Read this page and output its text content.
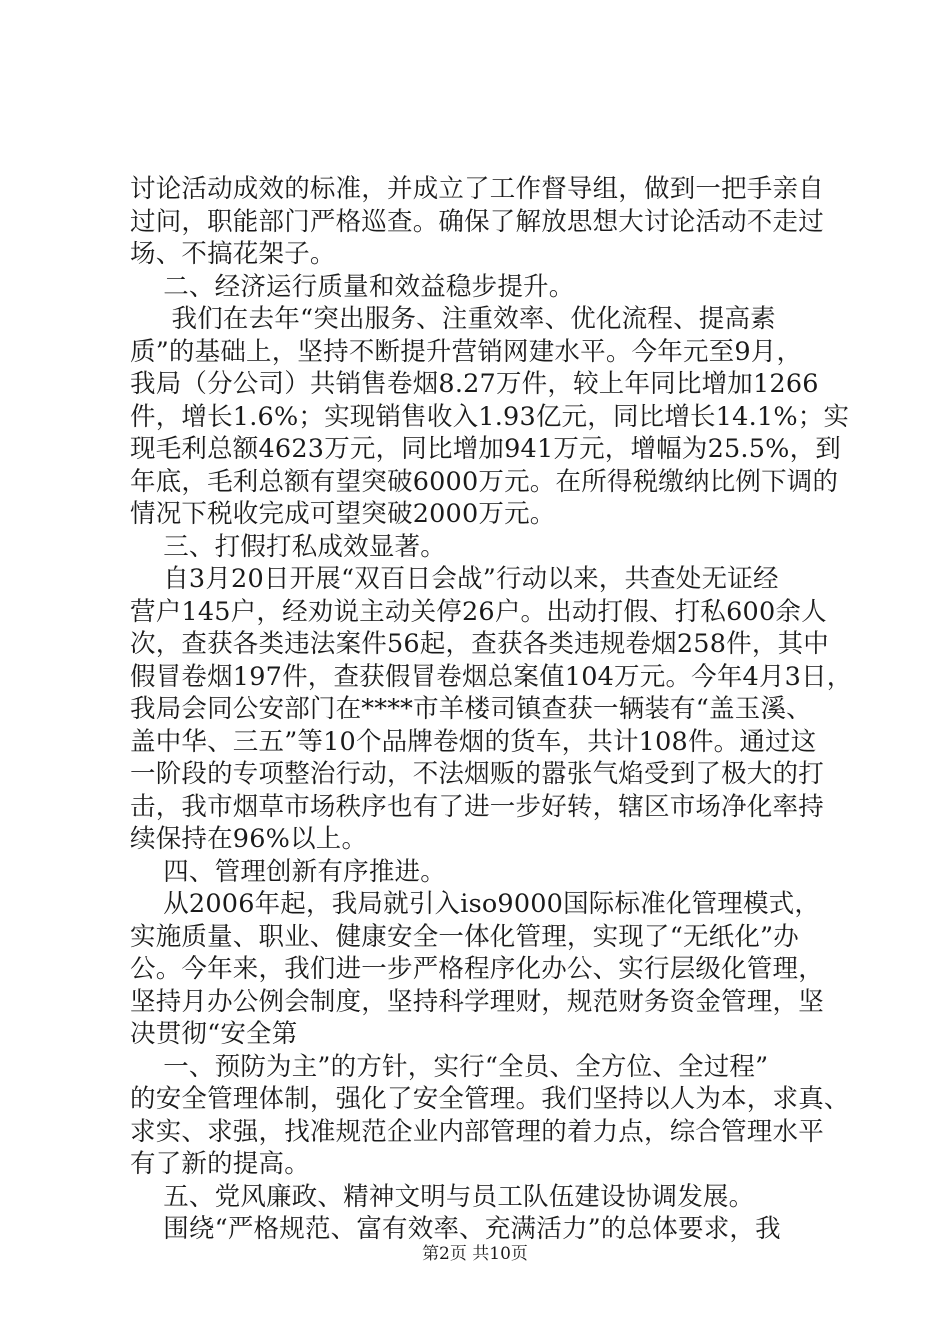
讨论活动成效的标准，并成立了工作督导组，做到一把手亲自
过问，职能部门严格巡查。确保了解放思想大讨论活动不走过
场、不搞花架子。
二、经济运行质量和效益稳步提升。
我们在去年“突出服务、注重效率、优化流程、提高素
质”的基础上，坚持不断提升营销网建水平。今年元至9月，
我局（分公司）共销售卷烟8.27万件，较上年同比增加1266
件，增长1.6%；实现销售收入1.93亿元，同比增长14.1%；实
现毛利总额4623万元，同比增加941万元，增幅为25.5%，到
年底，毛利总额有望突破6000万元。在所得税缴纳比例下调的
情况下税收完成可望突破2000万元。
三、打假打私成效显著。
自3月20日开展“双百日会战”行动以来，共查处无证经
营户145户，经劝说主动关停26户。出动打假、打私600余人
次，查获各类违法案件56起，查获各类违规卷烟258件，其中
假冒卷烟197件，查获假冒卷烟总案值104万元。今年4月3日，
我局会同公安部门在****市羊楼司镇查获一辆装有“盖玉溪、
盖中华、三五”等10个品牌卷烟的货车，共计108件。通过这
一阶段的专项整治行动，不法烟贩的嚣张气焰受到了极大的打
击，我市烟草市场秩序也有了进一步好转，辖区市场净化率持
续保持在96%以上。
四、管理创新有序推进。
从2006年起，我局就引入iso9000国际标准化管理模式，
实施质量、职业、健康安全一体化管理，实现了“无纸化”办
公。今年来，我们进一步严格程序化办公、实行层级化管理，
坚持月办公例会制度，坚持科学理财，规范财务资金管理，坚
决贯彻“安全第
一、预防为主”的方针，实行“全员、全方位、全过程”
的安全管理体制，强化了安全管理。我们坚持以人为本，求真、
求实、求强，找准规范企业内部管理的着力点，综合管理水平
有了新的提高。
五、党风廉政、精神文明与员工队伍建设协调发展。
围绕“严格规范、富有效率、充满活力”的总体要求，我
第2页 共10页
